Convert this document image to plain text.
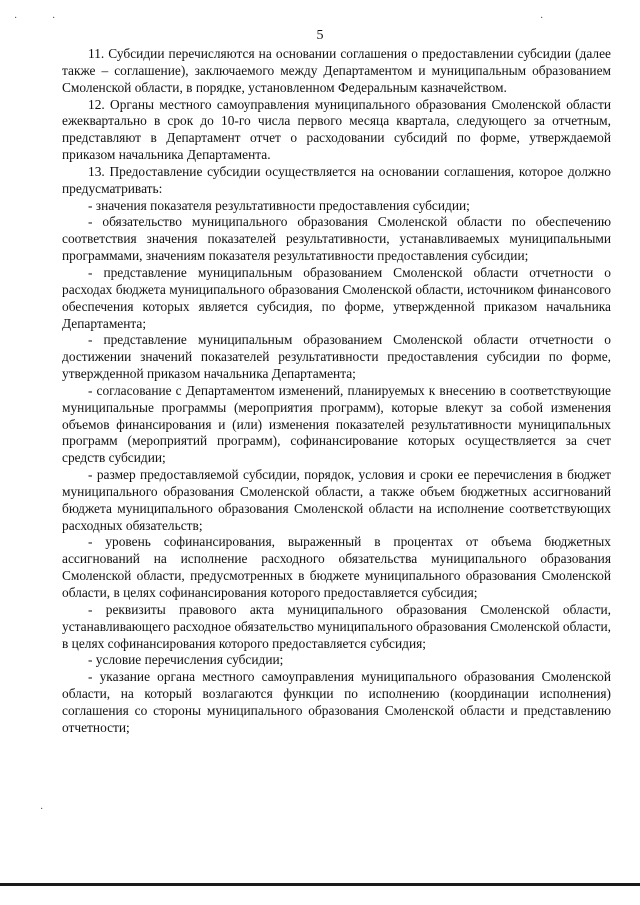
·	·	·
·
5

11. Субсидии перечисляются на основании соглашения о предоставлении субсидии (далее также – соглашение), заключаемого между Департаментом и муниципальным образованием Смоленской области, в порядке, установленном Федеральным казначейством.

12. Органы местного самоуправления муниципального образования Смоленской области ежеквартально в срок до 10-го числа первого месяца квартала, следующего за отчетным, представляют в Департамент отчет о расходовании субсидий по форме, утверждаемой приказом начальника Департамента.

13. Предоставление субсидии осуществляется на основании соглашения, которое должно предусматривать:

- значения показателя результативности предоставления субсидии;

- обязательство муниципального образования Смоленской области по обеспечению соответствия значения показателей результативности, устанавливаемых муниципальными программами, значениям показателя результативности предоставления субсидии;

- представление муниципальным образованием Смоленской области отчетности о расходах бюджета муниципального образования Смоленской области, источником финансового обеспечения которых является субсидия, по форме, утвержденной приказом начальника Департамента;

- представление муниципальным образованием Смоленской области отчетности о достижении значений показателей результативности предоставления субсидии по форме, утвержденной приказом начальника Департамента;

- согласование с Департаментом изменений, планируемых к внесению в соответствующие муниципальные программы (мероприятия программ), которые влекут за собой изменения объемов финансирования и (или) изменения показателей результативности муниципальных программ (мероприятий программ), софинансирование которых осуществляется за счет средств субсидии;

- размер предоставляемой субсидии, порядок, условия и сроки ее перечисления в бюджет муниципального образования Смоленской области, а также объем бюджетных ассигнований бюджета муниципального образования Смоленской области на исполнение соответствующих расходных обязательств;

- уровень софинансирования, выраженный в процентах от объема бюджетных ассигнований на исполнение расходного обязательства муниципального образования Смоленской области, предусмотренных в бюджете муниципального образования Смоленской области, в целях софинансирования которого предоставляется субсидия;

- реквизиты правового акта муниципального образования Смоленской области, устанавливающего расходное обязательство муниципального образования Смоленской области, в целях софинансирования которого предоставляется субсидия;

- условие перечисления субсидии;

- указание органа местного самоуправления муниципального образования Смоленской области, на который возлагаются функции по исполнению (координации исполнения) соглашения со стороны муниципального образования Смоленской области и представлению отчетности;
